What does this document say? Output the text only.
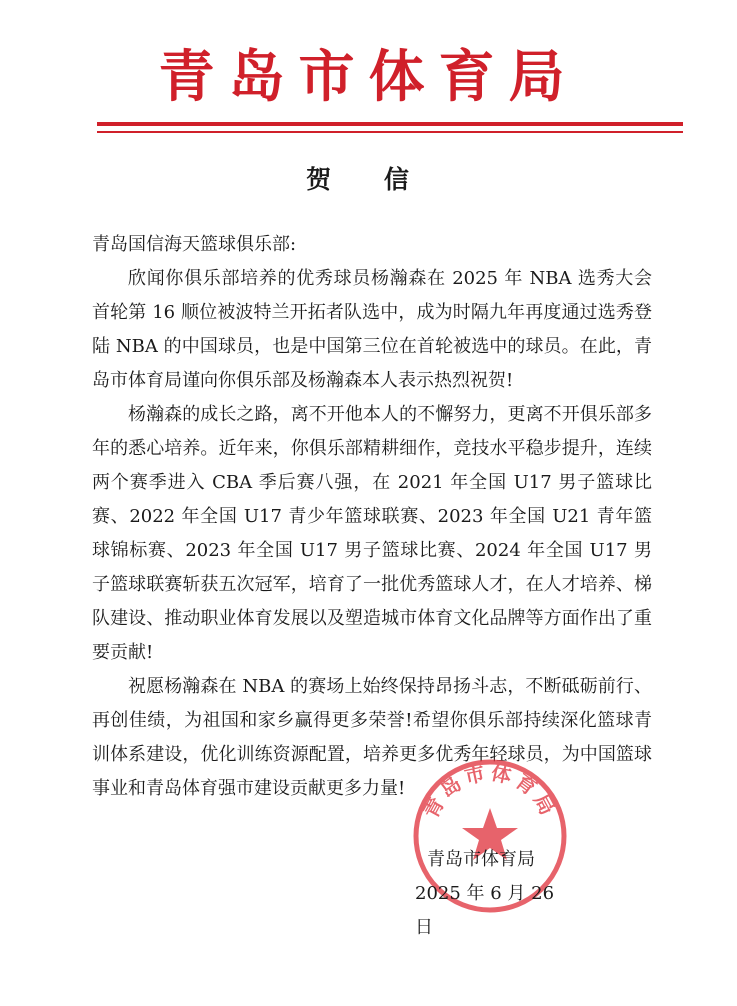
青岛市体育局
贺 信

青岛国信海天篮球俱乐部:

欣闻你俱乐部培养的优秀球员杨瀚森在 2025 年 NBA 选秀大会首轮第 16 顺位被波特兰开拓者队选中，成为时隔九年再度通过选秀登陆 NBA 的中国球员，也是中国第三位在首轮被选中的球员。在此，青岛市体育局谨向你俱乐部及杨瀚森本人表示热烈祝贺!

杨瀚森的成长之路，离不开他本人的不懈努力，更离不开俱乐部多年的悉心培养。近年来，你俱乐部精耕细作，竞技水平稳步提升，连续两个赛季进入 CBA 季后赛八强，在 2021 年全国 U17 男子篮球比赛、2022 年全国 U17 青少年篮球联赛、2023 年全国 U21 青年篮球锦标赛、2023 年全国 U17 男子篮球比赛、2024 年全国 U17 男子篮球联赛斩获五次冠军，培育了一批优秀篮球人才，在人才培养、梯队建设、推动职业体育发展以及塑造城市体育文化品牌等方面作出了重要贡献!

祝愿杨瀚森在 NBA 的赛场上始终保持昂扬斗志，不断砥砺前行、再创佳绩，为祖国和家乡赢得更多荣誉!希望你俱乐部持续深化篮球青训体系建设，优化训练资源配置，培养更多优秀年轻球员，为中国篮球事业和青岛体育强市建设贡献更多力量!

青岛市体育局
青岛市体育局
2025 年 6 月 26 日
